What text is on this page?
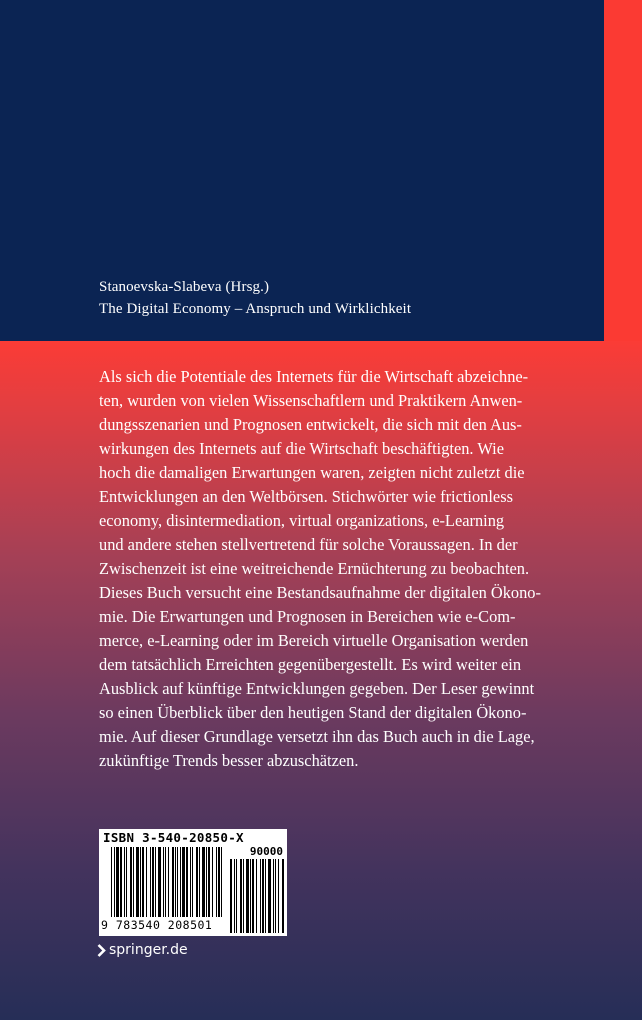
Stanoevska-Slabeva (Hrsg.)

The Digital Economy – Anspruch und Wirklichkeit

Als sich die Potentiale des Internets für die Wirtschaft abzeichne-
ten, wurden von vielen Wissenschaftlern und Praktikern Anwen-
dungsszenarien und Prognosen entwickelt, die sich mit den Aus-
wirkungen des Internets auf die Wirtschaft beschäftigten. Wie
hoch die damaligen Erwartungen waren, zeigten nicht zuletzt die
Entwicklungen an den Weltbörsen. Stichwörter wie frictionless
economy, disintermediation, virtual organizations, e-Learning
und andere stehen stellvertretend für solche Voraussagen. In der
Zwischenzeit ist eine weitreichende Ernüchterung zu beobachten.
Dieses Buch versucht eine Bestandsaufnahme der digitalen Ökono-
mie. Die Erwartungen und Prognosen in Bereichen wie e-Com-
merce, e-Learning oder im Bereich virtuelle Organisation werden
dem tatsächlich Erreichten gegenübergestellt. Es wird weiter ein
Ausblick auf künftige Entwicklungen gegeben. Der Leser gewinnt
so einen Überblick über den heutigen Stand der digitalen Ökono-
mie. Auf dieser Grundlage versetzt ihn das Buch auch in die Lage,
zukünftige Trends besser abzuschätzen.

ISBN 3-540-20850-X

90000

9 783540 208501

springer.de
